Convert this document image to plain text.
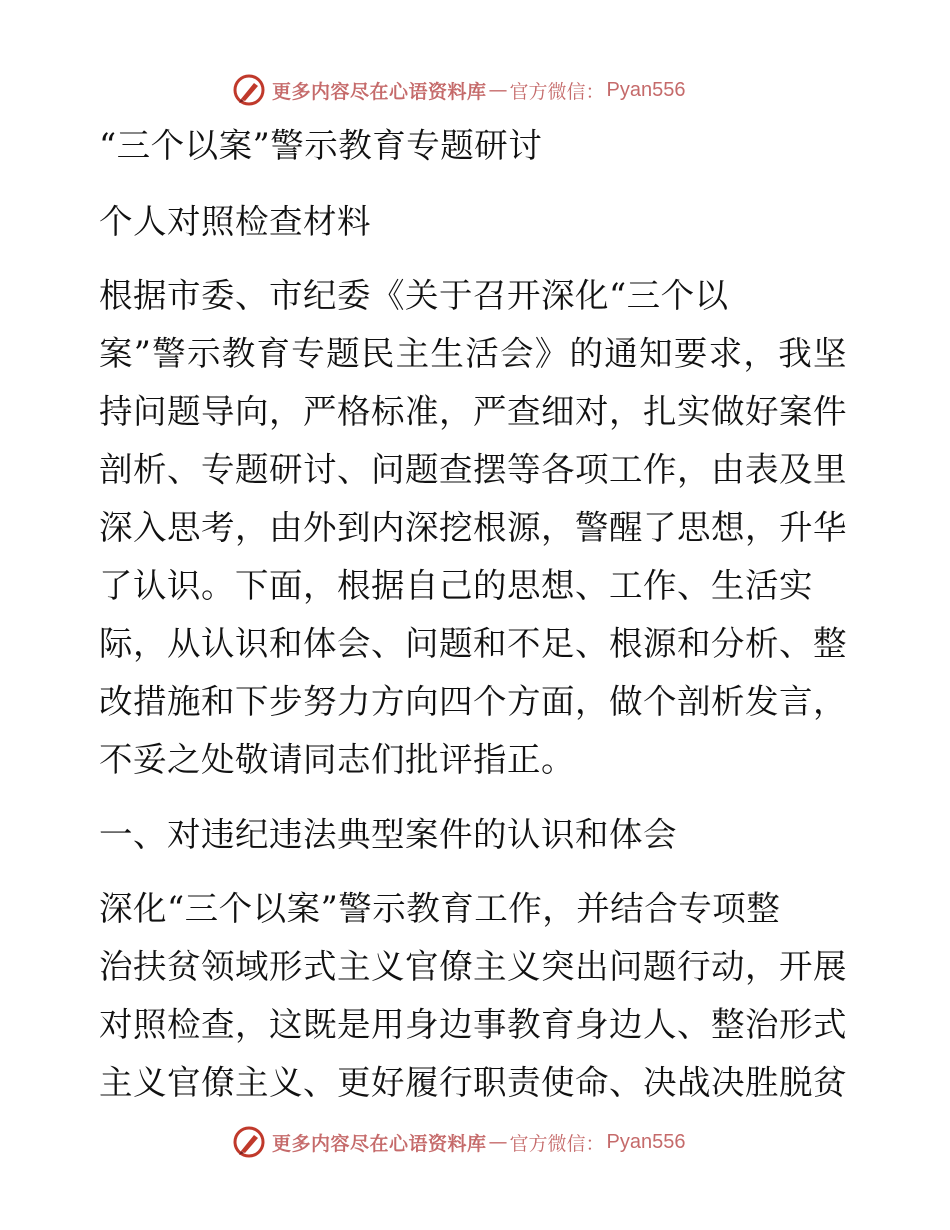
更多内容尽在心语资料库 — 官方微信： Pyan556
“三个以案”警示教育专题研讨
个人对照检查材料
根据市委、市纪委《关于召开深化“三个以
案”警示教育专题民主生活会》的通知要求，我坚
持问题导向，严格标准，严查细对，扎实做好案件
剖析、专题研讨、问题查摆等各项工作，由表及里
深入思考，由外到内深挖根源，警醒了思想，升华
了认识。下面，根据自己的思想、工作、生活实
际，从认识和体会、问题和不足、根源和分析、整
改措施和下步努力方向四个方面，做个剖析发言，
不妥之处敬请同志们批评指正。
一、对违纪违法典型案件的认识和体会
深化“三个以案”警示教育工作，并结合专项整
治扶贫领域形式主义官僚主义突出问题行动，开展
对照检查，这既是用身边事教育身边人、整治形式
主义官僚主义、更好履行职责使命、决战决胜脱贫
更多内容尽在心语资料库 — 官方微信： Pyan556
